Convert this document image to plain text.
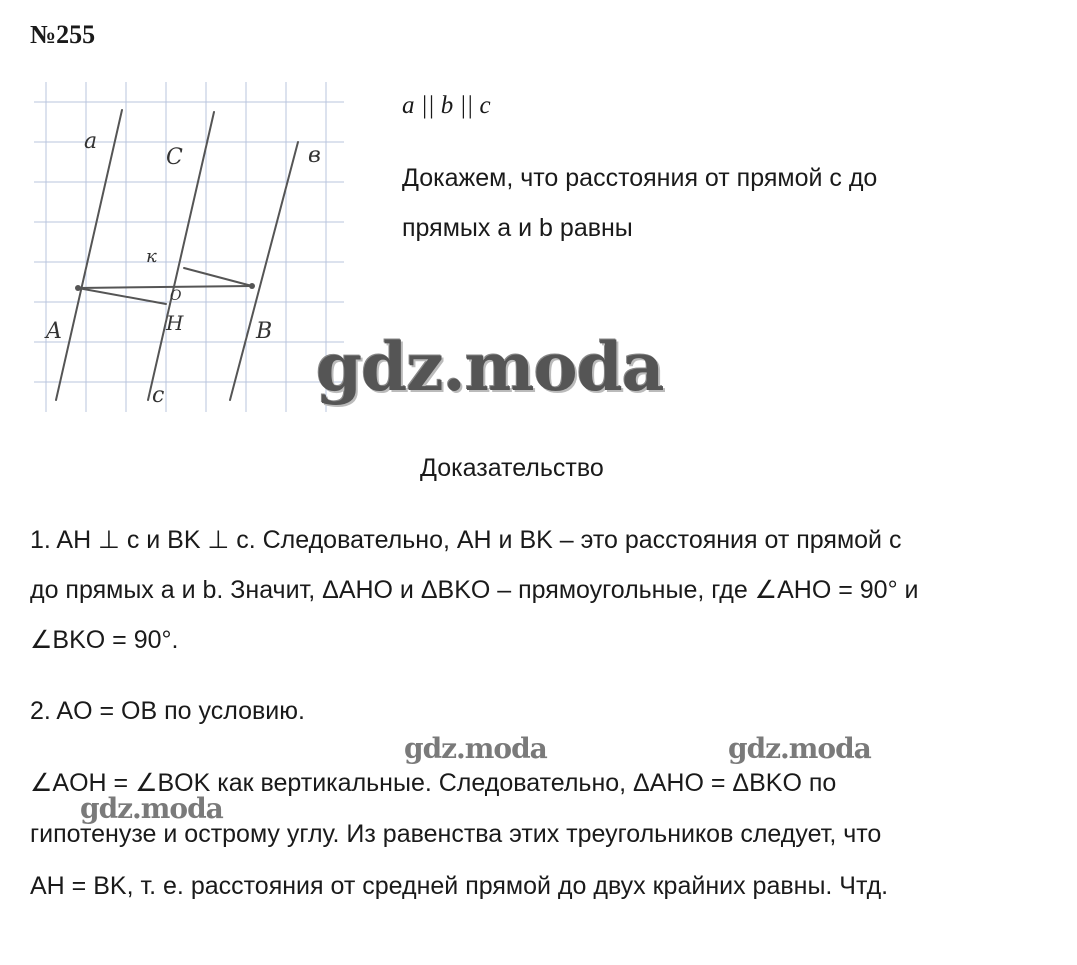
№255
a
C	в
к
O
A	H	B
c
a || b || c
Докажем, что расстояния от прямой c до
прямых a и b равны
gdz.moda
Доказательство
1. AH ⊥ c и BK ⊥ c. Следовательно, AH и BK – это расстояния от прямой c
до прямых a и b. Значит, ΔAHO и ΔBKO – прямоугольные, где ∠AHO = 90° и
∠BKO = 90°.
2. AO = OB по условию.
gdz.moda	gdz.moda
∠AOH = ∠BOK как вертикальные. Следовательно, ΔAHO = ΔBKO по
gdz.moda
гипотенузе и острому углу. Из равенства этих треугольников следует, что
AH = BK, т. е. расстояния от средней прямой до двух крайних равны. Чтд.
